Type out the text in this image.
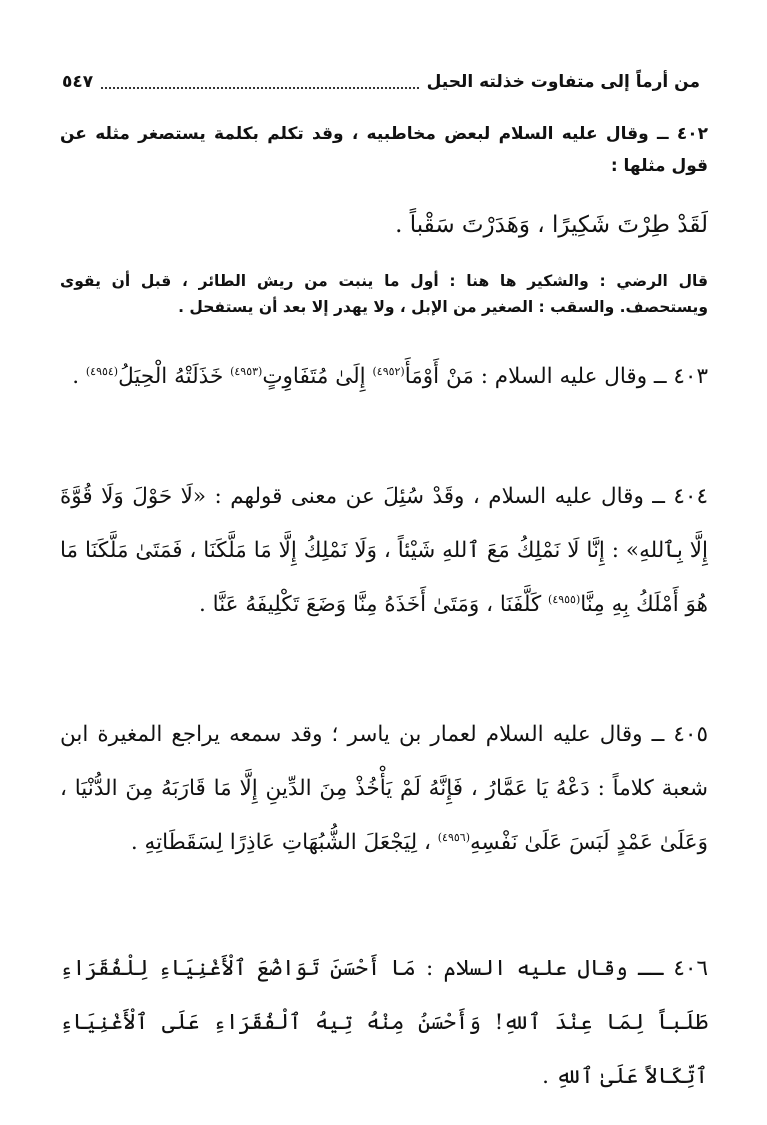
من أرماً إلى متفاوت خذلته الحيل
٥٤٧
٤٠٢ ــ وقال عليه السلام لبعض مخاطبيه ، وقد تكلم بكلمة يستصغر مثله عن قول مثلها :
لَقَدْ طِرْتَ شَكِيرًا ، وَهَدَرْتَ سَقْباً .
قال الرضي : والشكير ها هنا : أول ما ينبت من ريش الطائر ، قبل أن يقوى ويستحصف. والسقب : الصغير من الإبل ، ولا يهدر إلا بعد أن يستفحل .
٤٠٣ ــ وقال عليه السلام : مَنْ أَوْمَأَ$^{(٤٩٥٢)}$ إِلَىٰ مُتَفَاوِتٍ$^{(٤٩٥٣)}$ خَذَلَتْهُ الْحِيَلُ$^{(٤٩٥٤)}$ .
٤٠٤ ــ وقال عليه السلام ، وقَدْ سُئِلَ عن معنى قولهم : «لَا حَوْلَ وَلَا قُوَّةَ إِلَّا بِٱللهِ» : إِنَّا لَا نَمْلِكُ مَعَ ٱللهِ شَيْئاً ، وَلَا نَمْلِكُ إِلَّا مَا مَلَّكَنَا ، فَمَتَىٰ مَلَّكَنَا مَا هُوَ أَمْلَكُ بِهِ مِنَّا$^{(٤٩٥٥)}$ كَلَّفَنَا ، وَمَتَىٰ أَخَذَهُ مِنَّا وَضَعَ تَكْلِيفَهُ عَنَّا .
٤٠٥ ــ وقال عليه السلام لعمار بن ياسر ؛ وقد سمعه يراجع المغيرة ابن شعبة كلاماً : دَعْهُ يَا عَمَّارُ ، فَإِنَّهُ لَمْ يَأْخُذْ مِنَ الدِّينِ إِلَّا مَا قَارَبَهُ مِنَ الدُّنْيَا ، وَعَلَىٰ عَمْدٍ لَبَسَ عَلَىٰ نَفْسِهِ$^{(٤٩٥٦)}$ ، لِيَجْعَلَ الشُّبُهَاتِ عَاذِرًا لِسَقَطَاتِهِ .
٤٠٦ ــ وقال عليه السلام : مَا أَحْسَنَ تَوَاضُعَ ٱلْأَغْنِيَاءِ لِلْفُقَرَاءِ طَلَباً لِمَا عِنْدَ ٱللهِ! وَأَحْسَنُ مِنْهُ تِيهُ ٱلْفُقَرَاءِ عَلَى ٱلْأَغْنِيَاءِ ٱتِّكَالاً عَلَىٰ ٱللهِ .
